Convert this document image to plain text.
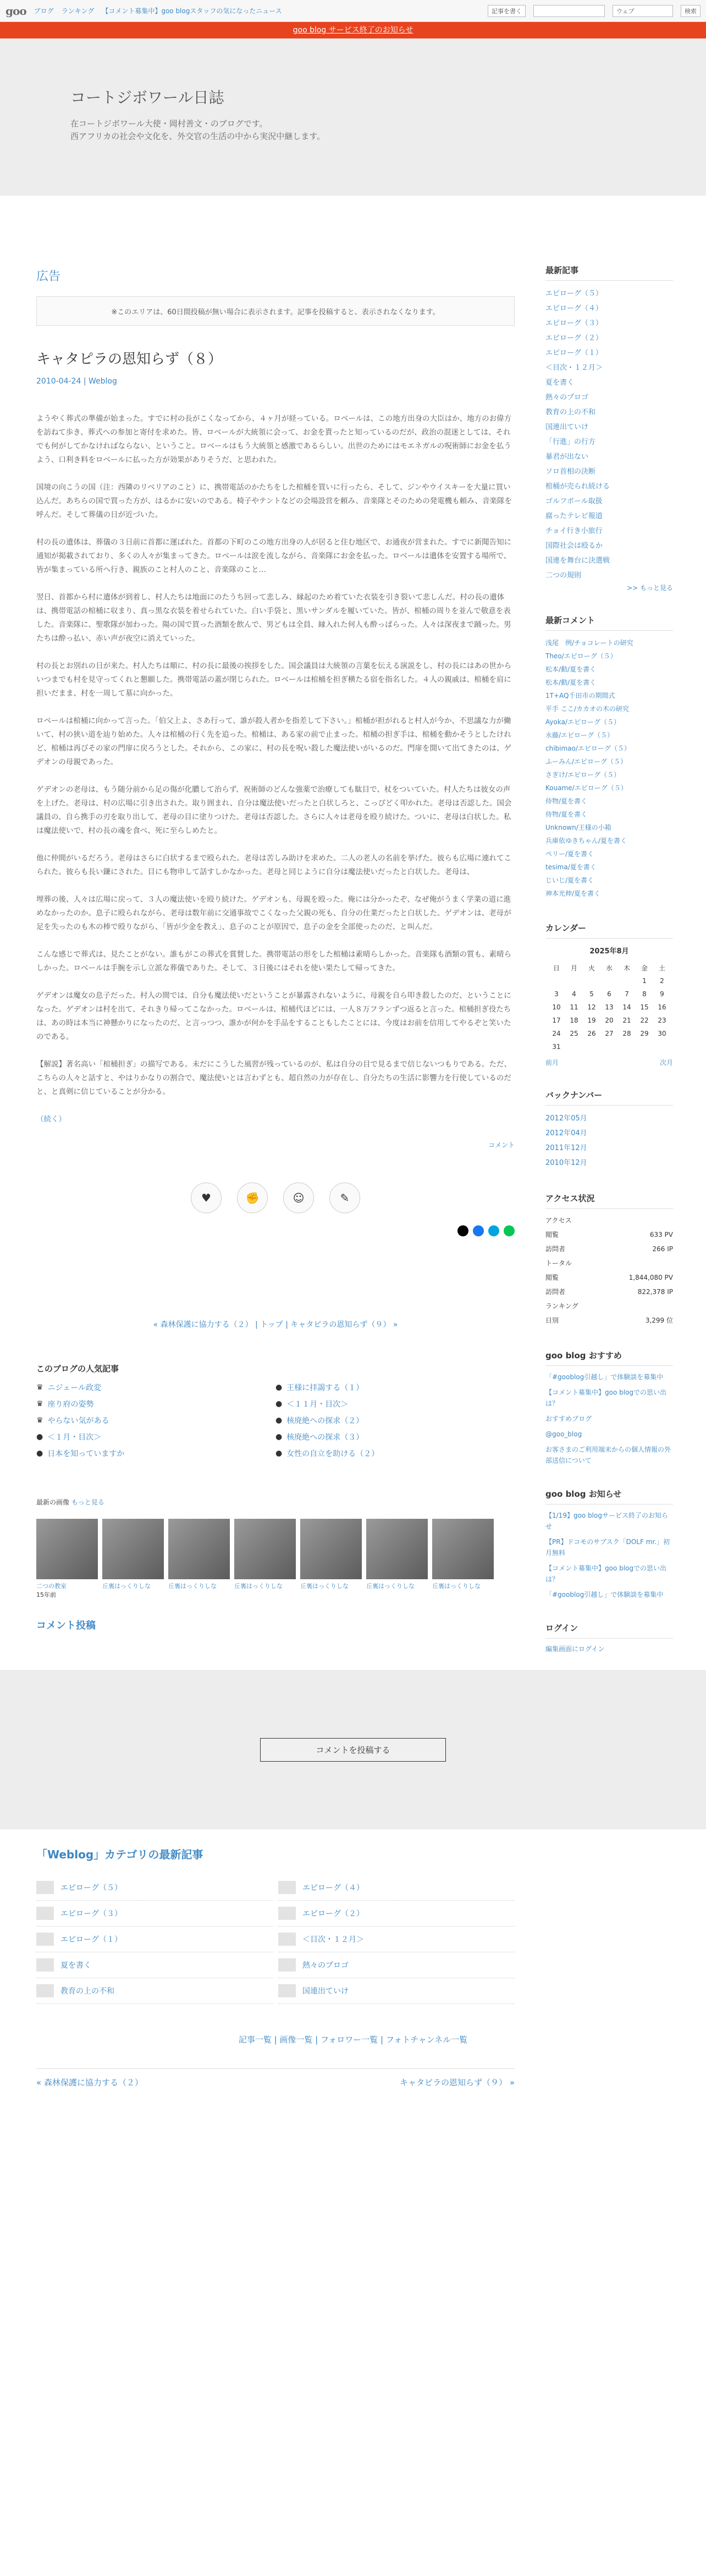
goo ブログ ランキング 【コメント募集中】goo blogスタッフの気になったニュース	記事を書く	ウェブ	検索
goo blog サービス終了のお知らせ
コートジボワール日誌

在コートジボワール大使・岡村善文・のブログです。

西アフリカの社会や文化を、外交官の生活の中から実況中継します。

広告
※このエリアは、60日間投稿が無い場合に表示されます。記事を投稿すると、表示されなくなります。
キャタピラの恩知らず（８）
2010-04-24 | Weblog

ようやく葬式の準備が始まった。すでに村の長がこくなってから、４ヶ月が経っている。ロベールは、この地方出身の大臣はか、地方のお偉方を訪ねて歩き、葬式への参加と寄付を求めた。皆、ロベールが大統領に会って、お金を貰ったと知っているのだが、政治の混迷としては、それでも何がしてかなければならない、ということ。ロベールはもう大統領と感激であるらしい。出世のためにはモエネガルの呪術師にお金を払うよう、口利き料をロベールに払った方が効果がありそうだ、と思われた。

国境の向こうの国（注：西隣のリベリアのこと）に、携帯電話のかたちをした棺桶を買いに行ったら、そして、ジンやウイスキーを大量に買い込んだ。あちらの国で買った方が、はるかに安いのである。椅子やテントなどの会場設営を頼み、音楽隊とそのための発電機も頼み、音楽隊を呼んだ。そして葬儀の日が近づいた。

村の長の遺体は、葬儀の３日前に首都に運ばれた。首都の下町のこの地方出身の人が居ると住む地区で、お通夜が営まれた。すでに新聞告知に通知が掲載されており、多くの人々が集まってきた。ロベールは涙を流しながら、音楽隊にお金を払った。ロベールは遺体を安置する場所で、皆が集まっている所へ行き、親族のこと村人のこと、音楽隊のこと…

翌日、首都から村に遺体が到着し、村人たちは地面にのたうち回って悲しみ、縁起のため着ていた衣装を引き裂いて悲しんだ。村の長の遺体は、携帯電話の棺桶に収まり、真っ黒な衣装を着せられていた。白い手袋と、黒いサンダルを履いていた。皆が、棺桶の周りを並んで敬意を表した。音楽隊に、聖歌隊が加わった。陽の国で買った酒類を飲んで、男どもは全員、縁入れた何人も酔っぱらった。人々は深夜まで踊った。男たちは酔っ払い、赤い声が夜空に消えていった。

村の長とお別れの日が来た。村人たちは順に、村の長に最後の挨拶をした。国会議員は大統領の言葉を伝える演説をし、村の長にはあの世からいつまでも村を見守ってくれと懇願した。携帯電話の蓋が閉じられた。ロベールは棺桶を担ぎ横たる宿を指名した。４人の親戚は、棺桶を肩に担いだまま、村を一周して墓に向かった。

ロベールは棺桶に向かって言った。「伯父上よ、さあ行って、誰が殺人者かを指差して下さい。」棺桶が担がれると村人が今か、不思議な力が働いて、村の狭い道を辿り始めた。人々は棺桶の行く先を追った。棺桶は、ある家の前で止まった。棺桶の担ぎ手は、棺桶を動かそうとしたけれど、棺桶は再びその家の門扉に戻ろうとした。それから、この家に、村の長を呪い殺した魔法使いがいるのだ。門扉を開いて出てきたのは、ゲデオンの母親であった。

ゲデオンの老母は、もう随分前から足の傷が化膿して治らず、祝術師のどんな強薬で治療しても駄目で、杖をついていた。村人たちは彼女の声を上げた。老母は、村の広場に引き出された。取り囲まれ、自分は魔法使いだったと白状しろと、こっぴどく叩かれた。老母は否認した。国会議員の、自ら携手の刃を取り出して、老母の目に塗りつけた。老母は否認した。さらに人々は老母を殴り続けた。ついに、老母は白状した。私は魔法使いで、村の長の魂を食べ、死に至らしめたと。

他に仲間がいるだろう。老母はさらに白状するまで殴られた。老母は苦しみ助けを求めた。二人の老人の名前を挙げた。彼らも広場に連れてこられた。彼らも長い鎌にされた。目にも物申して話すしかなかった。老母と同じように自分は魔法使いだったと白状した。老母は、

埋葬の後、人々は広場に戻って、３人の魔法使いを殴り続けた。ゲデオンも、母親を殴った。俺には分かったぞ、なぜ俺がうまく学業の道に進めなかったのか。息子に殴られながら、老母は数年前に交通事故でこくなった父親の死も、自分の仕業だったと白状した。ゲデオンは、老母が足を失ったのも木の棒で殴りながら、「皆が少金を教え」、息子のことが原因で、息子の金を全部使ったのだ、と叫んだ。

こんな感じで葬式は、見たことがない。誰もがこの葬式を賞賛した。携帯電話の形をした棺桶は素晴らしかった。音楽隊も酒類の質も、素晴らしかった。ロベールは手腕を示し立派な葬儀でありた。そして、３日後にはそれを使い果たして帰ってきた。

ゲデオンは魔女の息子だった。村人の間では、自分も魔法使いだということが暴露されないように、母親を自ら叩き殺したのだ、ということになった。ゲデオンは村を出て、それきり帰ってこなかった。ロベールは、棺桶代ほどには、一人８万フランずつ返ると言った。棺桶担ぎ役たちは、あの時は本当に神懸かりになったのだ、と言っつつ、誰かが何かを手品をすることもしたことには、今度はお前を信用してやるぞと笑いたのである。

【解説】著名高い「棺桶担ぎ」の描写である。未だにこうした風習が残っているのが、私は自分の目で見るまで信じないつもりである。ただ、こちらの人々と話すと、やはりかなりの割合で、魔法使いとは言わずとも、超自然の力が存在し、自分たちの生活に影響力を行使しているのだと、と真剣に信じていることが分かる。

（続く）

コメント
♥	✊	☺	✎
« 森林保護に協力する（２） | トップ | キャタピラの恩知らず（９） »
このブログの人気記事
♛ ニジェール政変	● 王様に拝謁する（１）
♛ 座り府の姿勢	● ＜１１月・目次＞
♛ やらない気がある	● 核廃絶への探求（２）
● ＜１月・目次＞	● 核廃絶への探求（３）
● 日本を知っていますか	● 女性の自立を助ける（２）
最新の画像 もっと見る
二つの教室	丘裏はっくりしな	丘裏はっくりしな	丘裏はっくりしな	丘裏はっくりしな	丘裏はっくりしな	丘裏はっくりしな
15年前
コメント投稿
最新記事
エピローグ（５）
エピローグ（４）
エピローグ（３）
エピローグ（２）
エピローグ（１）
＜目次・１２月＞
夏を書く
熱々のプロゴ
教育の上の不和
国連出ていけ
「行進」の行方
暴君が出ない
ソロ首相の決断
棺桶が売られ続ける
ゴルフボール取扱
腐ったテレビ報道
チョイ行き小旅行
国際社会は殴るか
国連を舞台に決選戦
二つの規則
>> もっと見る
最新コメント
浅尾　例/チョコレートの研究
Theo/エピローグ（５）
松本/動/夏を書く
松本/動/夏を書く
1T+AQ千田市の期間式
平手 ここ/カカオの木の研究
Ayoka/エピローグ（５）
永藤/エピローグ（５）
chibimao/エピローグ（５）
ふーみん/エピローグ（５）
さぎけ/エピローグ（５）
Kouame/エピローグ（５）
侍物/夏を書く
侍物/夏を書く
Unknown/王様の小箱
兵庫依ゆきちゃん/夏を書く
ペリー/夏を書く
tesima/夏を書く
じいじ/夏を書く
神本光伸/夏を書く
カレンダー
2025年8月
日	月	火	水	木	金	土
					1	2
3	4	5	6	7	8	9
10	11	12	13	14	15	16
17	18	19	20	21	22	23
24	25	26	27	28	29	30
31						
前月	次月
バックナンバー
2012年05月
2012年04月
2011年12月
2010年12月
アクセス状況
アクセス
閲覧	633 PV
訪問者	266 IP
トータル
閲覧	1,844,080 PV
訪問者	822,378 IP
ランキング
日別	3,299 位
goo blog おすすめ
「#gooblog引越し」で体験談を募集中
【コメント募集中】goo blogでの思い出は？
おすすめブログ
@goo_blog
お客さまのご利用端末からの個人情報の外部送信について
goo blog お知らせ
【1/19】goo blogサービス終了のお知らせ
【PR】ドコモのサブスク「DOLF mr.」初月無料
【コメント募集中】goo blogでの思い出は？
「#gooblog引越し」で体験談を募集中
ログイン
編集画面にログイン
コメントを投稿する
「Weblog」カテゴリの最新記事
エピローグ（５）	エピローグ（４）
エピローグ（３）	エピローグ（２）
エピローグ（１）	＜目次・１２月＞
夏を書く	熱々のプロゴ
教育の上の不和	国連出ていけ
記事一覧 | 画像一覧 | フォロワー一覧 | フォトチャンネル一覧
« 森林保護に協力する（２）	キャタピラの恩知らず（９） »
